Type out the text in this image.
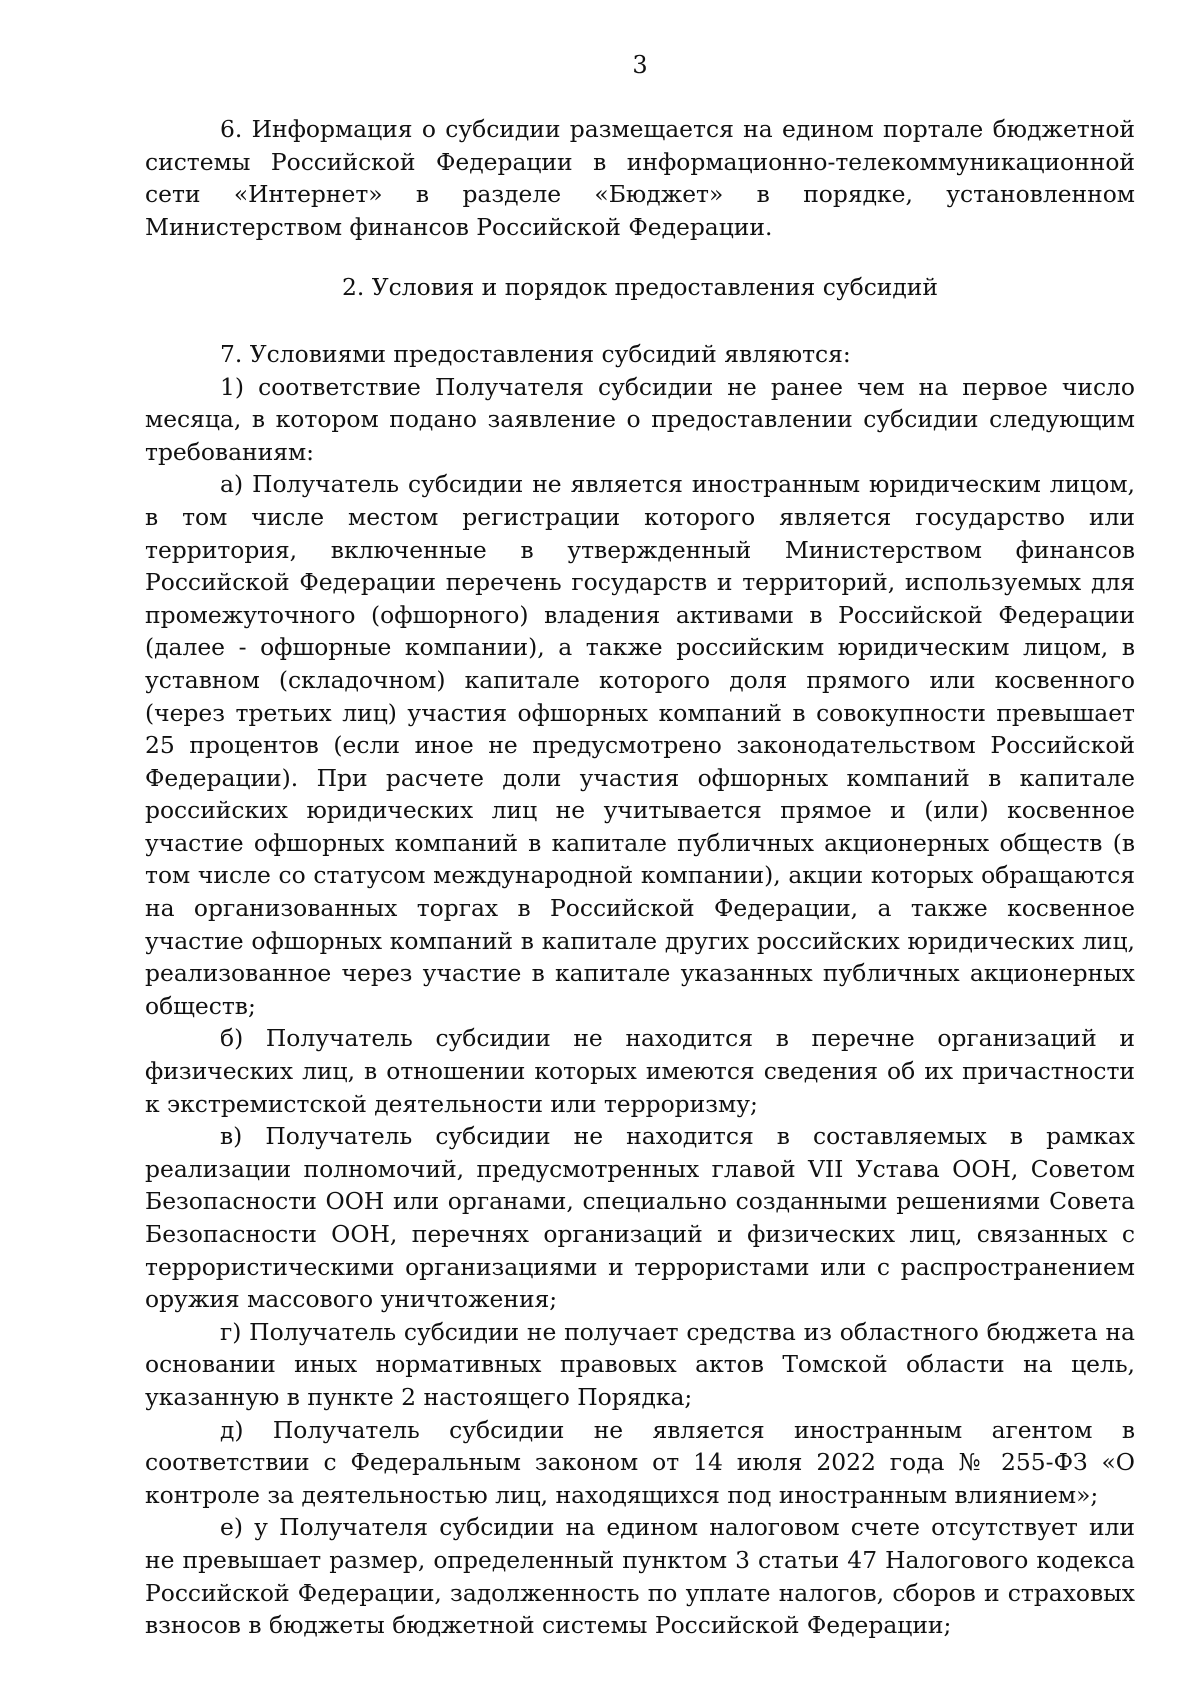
3

6. Информация о субсидии размещается на едином портале бюджетной системы Российской Федерации в информационно-телекоммуникационной сети «Интернет» в разделе «Бюджет» в порядке, установленном Министерством финансов Российской Федерации.

2. Условия и порядок предоставления субсидий

7. Условиями предоставления субсидий являются:

1) соответствие Получателя субсидии не ранее чем на первое число месяца, в котором подано заявление о предоставлении субсидии следующим требованиям:

а) Получатель субсидии не является иностранным юридическим лицом, в том числе местом регистрации которого является государство или территория, включенные в утвержденный Министерством финансов Российской Федерации перечень государств и территорий, используемых для промежуточного (офшорного) владения активами в Российской Федерации (далее - офшорные компании), а также российским юридическим лицом, в уставном (складочном) капитале которого доля прямого или косвенного (через третьих лиц) участия офшорных компаний в совокупности превышает 25 процентов (если иное не предусмотрено законодательством Российской Федерации). При расчете доли участия офшорных компаний в капитале российских юридических лиц не учитывается прямое и (или) косвенное участие офшорных компаний в капитале публичных акционерных обществ (в том числе со статусом международной компании), акции которых обращаются на организованных торгах в Российской Федерации, а также косвенное участие офшорных компаний в капитале других российских юридических лиц, реализованное через участие в капитале указанных публичных акционерных обществ;

б) Получатель субсидии не находится в перечне организаций и физических лиц, в отношении которых имеются сведения об их причастности к экстремистской деятельности или терроризму;

в) Получатель субсидии не находится в составляемых в рамках реализации полномочий, предусмотренных главой VII Устава ООН, Советом Безопасности ООН или органами, специально созданными решениями Совета Безопасности ООН, перечнях организаций и физических лиц, связанных с террористическими организациями и террористами или с распространением оружия массового уничтожения;

г) Получатель субсидии не получает средства из областного бюджета на основании иных нормативных правовых актов Томской области на цель, указанную в пункте 2 настоящего Порядка;

д) Получатель субсидии не является иностранным агентом в соответствии с Федеральным законом от 14 июля 2022 года № 255-ФЗ «О контроле за деятельностью лиц, находящихся под иностранным влиянием»;

е) у Получателя субсидии на едином налоговом счете отсутствует или не превышает размер, определенный пунктом 3 статьи 47 Налогового кодекса Российской Федерации, задолженность по уплате налогов, сборов и страховых взносов в бюджеты бюджетной системы Российской Федерации;
